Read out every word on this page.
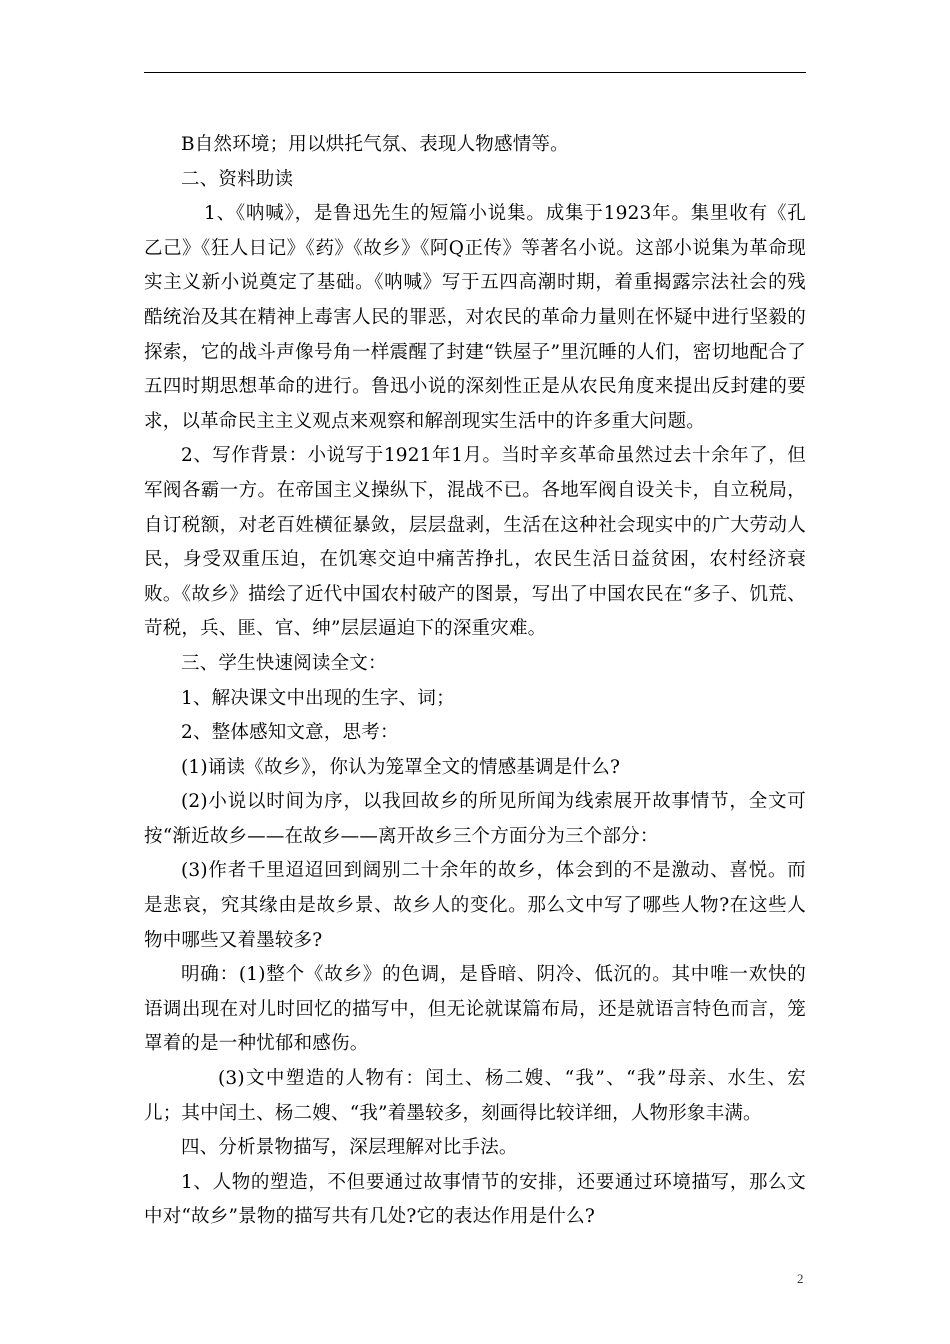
B自然环境；用以烘托气氛、表现人物感情等。

二、资料助读

1、《呐喊》，是鲁迅先生的短篇小说集。成集于1923年。集里收有《孔乙己》《狂人日记》《药》《故乡》《阿Q正传》等著名小说。这部小说集为革命现实主义新小说奠定了基础。《呐喊》写于五四高潮时期，着重揭露宗法社会的残酷统治及其在精神上毒害人民的罪恶，对农民的革命力量则在怀疑中进行坚毅的探索，它的战斗声像号角一样震醒了封建“铁屋子”里沉睡的人们，密切地配合了五四时期思想革命的进行。鲁迅小说的深刻性正是从农民角度来提出反封建的要求，以革命民主主义观点来观察和解剖现实生活中的许多重大问题。

2、写作背景：小说写于1921年1月。当时辛亥革命虽然过去十余年了，但军阀各霸一方。在帝国主义操纵下，混战不已。各地军阀自设关卡，自立税局，自订税额，对老百姓横征暴敛，层层盘剥，生活在这种社会现实中的广大劳动人民，身受双重压迫，在饥寒交迫中痛苦挣扎，农民生活日益贫困，农村经济衰败。《故乡》描绘了近代中国农村破产的图景，写出了中国农民在“多子、饥荒、苛税，兵、匪、官、绅”层层逼迫下的深重灾难。

三、学生快速阅读全文：

1、解决课文中出现的生字、词；

2、整体感知文意，思考：

(1)诵读《故乡》，你认为笼罩全文的情感基调是什么?

(2)小说以时间为序，以我回故乡的所见所闻为线索展开故事情节，全文可按“渐近故乡——在故乡——离开故乡三个方面分为三个部分：

(3)作者千里迢迢回到阔别二十余年的故乡，体会到的不是激动、喜悦。而是悲哀，究其缘由是故乡景、故乡人的变化。那么文中写了哪些人物?在这些人物中哪些又着墨较多?

明确：(1)整个《故乡》的色调，是昏暗、阴冷、低沉的。其中唯一欢快的语调出现在对儿时回忆的描写中，但无论就谋篇布局，还是就语言特色而言，笼罩着的是一种忧郁和感伤。

(3)文中塑造的人物有：闰土、杨二嫂、“我”、“我”母亲、水生、宏儿；其中闰土、杨二嫂、“我”着墨较多，刻画得比较详细，人物形象丰满。

四、分析景物描写，深层理解对比手法。

1、人物的塑造，不但要通过故事情节的安排，还要通过环境描写，那么文中对“故乡”景物的描写共有几处?它的表达作用是什么?

2
